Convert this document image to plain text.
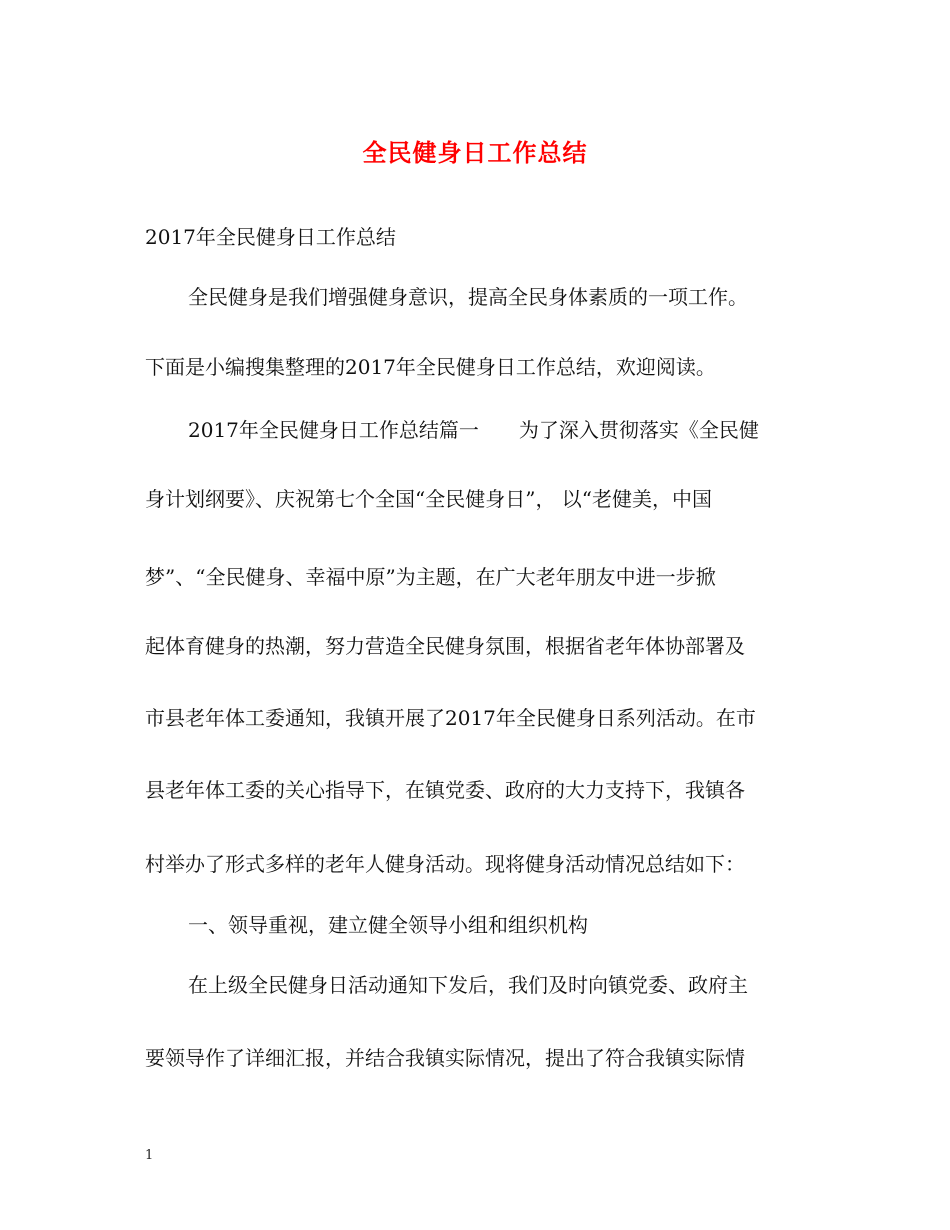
全民健身日工作总结
2017年全民健身日工作总结
全民健身是我们增强健身意识，提高全民身体素质的一项工作。
下面是小编搜集整理的2017年全民健身日工作总结，欢迎阅读。
2017年全民健身日工作总结篇一 为了深入贯彻落实《全民健
身计划纲要》、庆祝第七个全国“全民健身日”， 以“老健美，中国
梦”、“全民健身、幸福中原”为主题，在广大老年朋友中进一步掀
起体育健身的热潮，努力营造全民健身氛围，根据省老年体协部署及
市县老年体工委通知，我镇开展了2017年全民健身日系列活动。在市
县老年体工委的关心指导下，在镇党委、政府的大力支持下，我镇各
村举办了形式多样的老年人健身活动。现将健身活动情况总结如下：
一、领导重视，建立健全领导小组和组织机构
在上级全民健身日活动通知下发后，我们及时向镇党委、政府主
要领导作了详细汇报，并结合我镇实际情况，提出了符合我镇实际情
1
